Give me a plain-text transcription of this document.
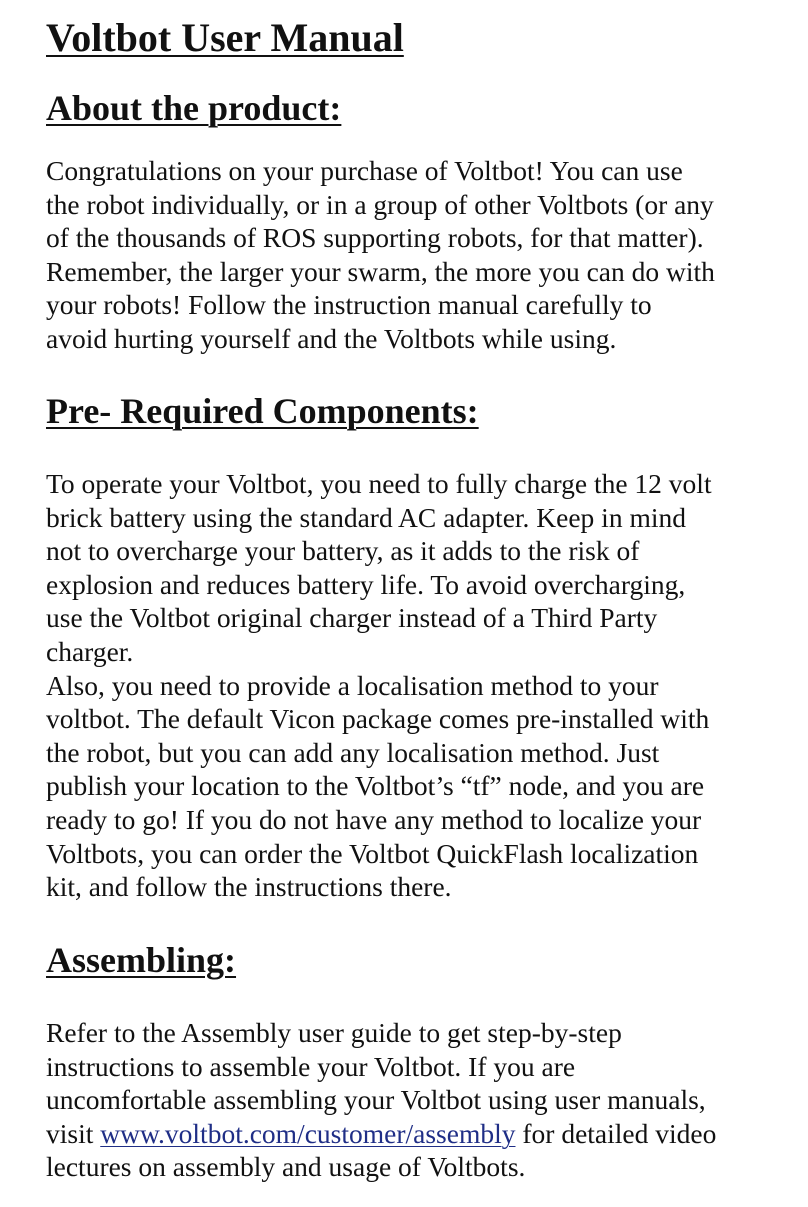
Voltbot User Manual
About the product:
Congratulations on your purchase of Voltbot! You can use
the robot individually, or in a group of other Voltbots (or any
of the thousands of ROS supporting robots, for that matter).
Remember, the larger your swarm, the more you can do with
your robots! Follow the instruction manual carefully to
avoid hurting yourself and the Voltbots while using.
Pre- Required Components:
To operate your Voltbot, you need to fully charge the 12 volt
brick battery using the standard AC adapter. Keep in mind
not to overcharge your battery, as it adds to the risk of
explosion and reduces battery life. To avoid overcharging,
use the Voltbot original charger instead of a Third Party
charger.
Also, you need to provide a localisation method to your
voltbot. The default Vicon package comes pre-installed with
the robot, but you can add any localisation method. Just
publish your location to the Voltbot’s “tf” node, and you are
ready to go! If you do not have any method to localize your
Voltbots, you can order the Voltbot QuickFlash localization
kit, and follow the instructions there.
Assembling:
Refer to the Assembly user guide to get step-by-step
instructions to assemble your Voltbot. If you are
uncomfortable assembling your Voltbot using user manuals,
visit www.voltbot.com/customer/assembly for detailed video
lectures on assembly and usage of Voltbots.
